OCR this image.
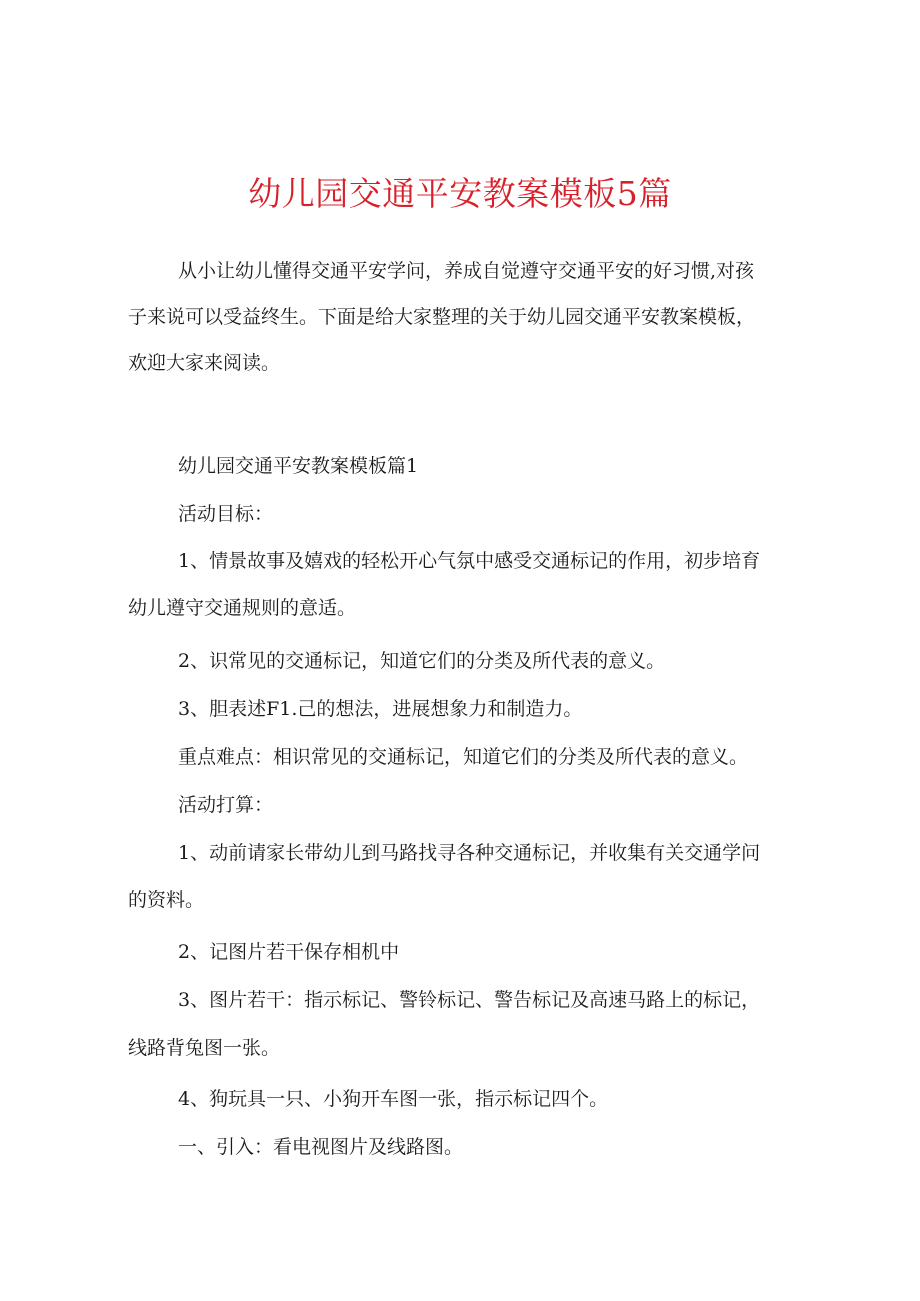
幼儿园交通平安教案模板5篇

从小让幼儿懂得交通平安学问，养成自觉遵守交通平安的好习惯,对孩
子来说可以受益终生。下面是给大家整理的关于幼儿园交通平安教案模板，
欢迎大家来阅读。

幼儿园交通平安教案模板篇1

活动目标：

1、情景故事及嬉戏的轻松开心气氛中感受交通标记的作用，初步培育

幼儿遵守交通规则的意适。

2、识常见的交通标记，知道它们的分类及所代表的意义。

3、胆表述F1.己的想法，进展想象力和制造力。

重点难点：相识常见的交通标记，知道它们的分类及所代表的意义。

活动打算：

1、动前请家长带幼儿到马路找寻各种交通标记，并收集有关交通学问

的资料。

2、记图片若干保存相机中

3、图片若干：指示标记、警铃标记、警告标记及高速马路上的标记，

线路背兔图一张。

4、狗玩具一只、小狗开车图一张，指示标记四个。

一、引入：看电视图片及线路图。
